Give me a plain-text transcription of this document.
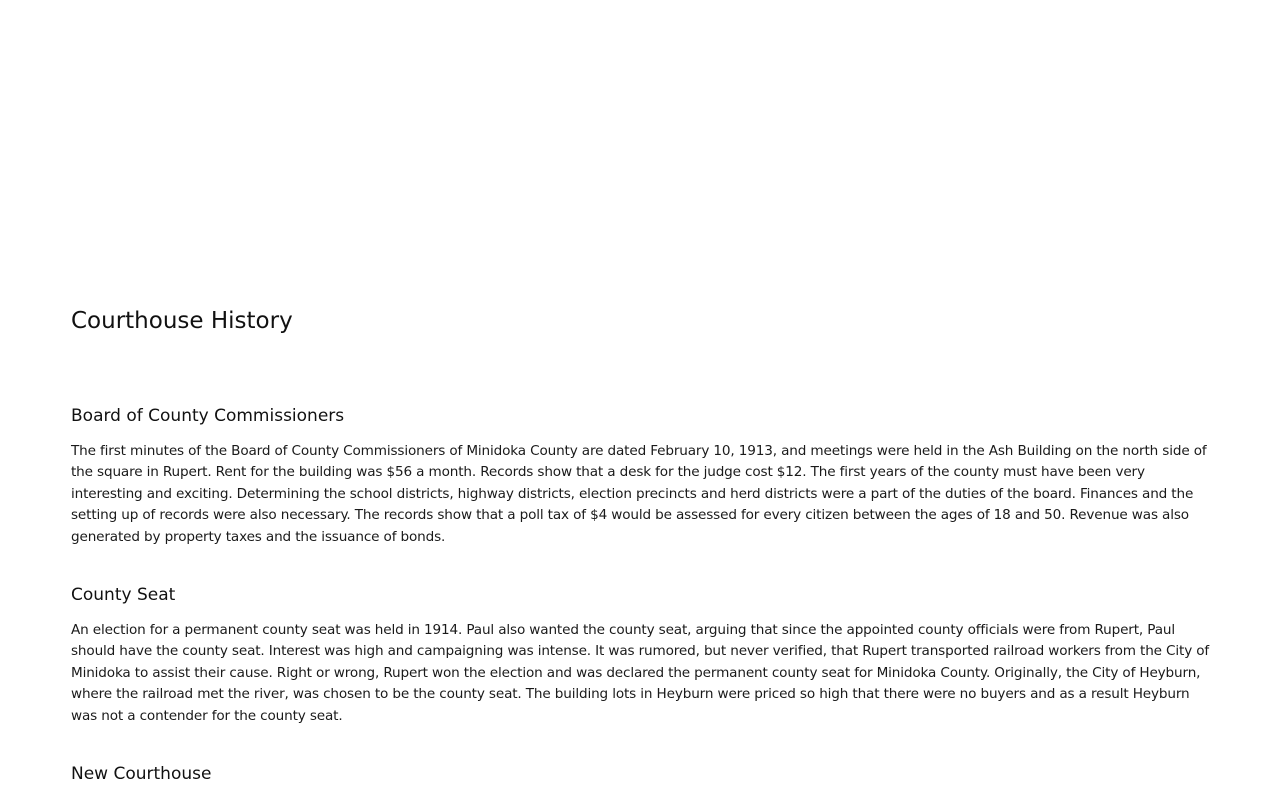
Courthouse History
Board of County Commissioners

The first minutes of the Board of County Commissioners of Minidoka County are dated February 10, 1913, and meetings were held in the Ash Building on the north side of the square in Rupert. Rent for the building was $56 a month. Records show that a desk for the judge cost $12. The first years of the county must have been very interesting and exciting. Determining the school districts, highway districts, election precincts and herd districts were a part of the duties of the board. Finances and the setting up of records were also necessary. The records show that a poll tax of $4 would be assessed for every citizen between the ages of 18 and 50. Revenue was also generated by property taxes and the issuance of bonds.

County Seat

An election for a permanent county seat was held in 1914. Paul also wanted the county seat, arguing that since the appointed county officials were from Rupert, Paul should have the county seat. Interest was high and campaigning was intense. It was rumored, but never verified, that Rupert transported railroad workers from the City of Minidoka to assist their cause. Right or wrong, Rupert won the election and was declared the permanent county seat for Minidoka County. Originally, the City of Heyburn, where the railroad met the river, was chosen to be the county seat. The building lots in Heyburn were priced so high that there were no buyers and as a result Heyburn was not a contender for the county seat.

New Courthouse
